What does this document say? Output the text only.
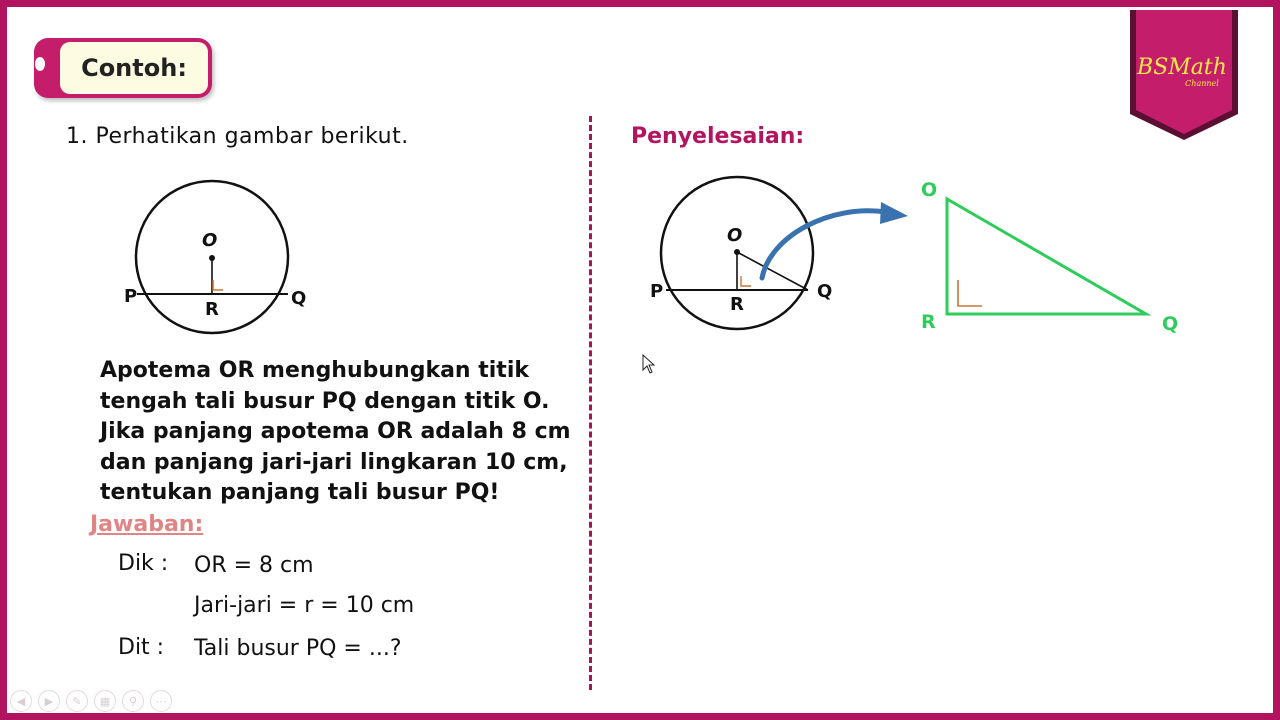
Contoh:	BSMath
Channel
1. Perhatikan gambar berikut.
O
P	Q
R
Apotema OR menghubungkan titik
tengah tali busur PQ dengan titik O.
Jika panjang apotema OR adalah 8 cm
dan panjang jari-jari lingkaran 10 cm,
tentukan panjang tali busur PQ!
Jawaban:
Dik : OR = 8 cm
Jari-jari = r = 10 cm
Dit : Tali busur PQ = ...?
Penyelesaian:
O
P	Q
R
O
R	Q
◀	▶	✎	▦	⚲	⋯
